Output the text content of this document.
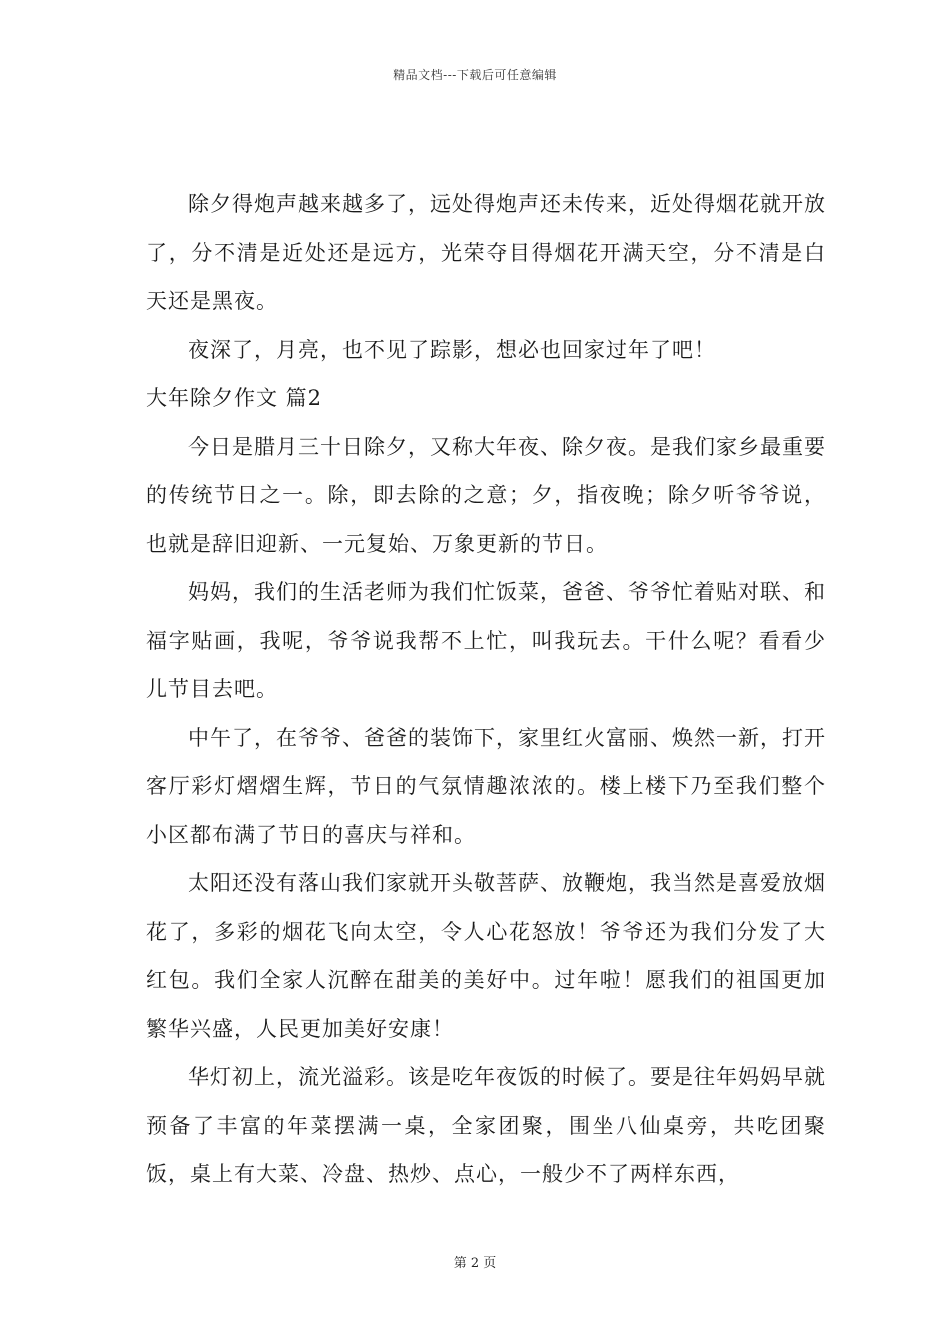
精品文档---下载后可任意编辑

除夕得炮声越来越多了，远处得炮声还未传来，近处得烟花就开放了，分不清是近处还是远方，光荣夺目得烟花开满天空，分不清是白天还是黑夜。

夜深了，月亮，也不见了踪影，想必也回家过年了吧！

大年除夕作文 篇2

今日是腊月三十日除夕，又称大年夜、除夕夜。是我们家乡最重要的传统节日之一。除，即去除的之意；夕，指夜晚；除夕听爷爷说，也就是辞旧迎新、一元复始、万象更新的节日。

妈妈，我们的生活老师为我们忙饭菜，爸爸、爷爷忙着贴对联、和福字贴画，我呢，爷爷说我帮不上忙，叫我玩去。干什么呢？看看少儿节目去吧。

中午了，在爷爷、爸爸的装饰下，家里红火富丽、焕然一新，打开客厅彩灯熠熠生辉，节日的气氛情趣浓浓的。楼上楼下乃至我们整个小区都布满了节日的喜庆与祥和。

太阳还没有落山我们家就开头敬菩萨、放鞭炮，我当然是喜爱放烟花了，多彩的烟花飞向太空，令人心花怒放！爷爷还为我们分发了大红包。我们全家人沉醉在甜美的美好中。过年啦！愿我们的祖国更加繁华兴盛，人民更加美好安康！

华灯初上，流光溢彩。该是吃年夜饭的时候了。要是往年妈妈早就预备了丰富的年菜摆满一桌，全家团聚，围坐八仙桌旁，共吃团聚饭，桌上有大菜、冷盘、热炒、点心，一般少不了两样东西，

第 2 页
